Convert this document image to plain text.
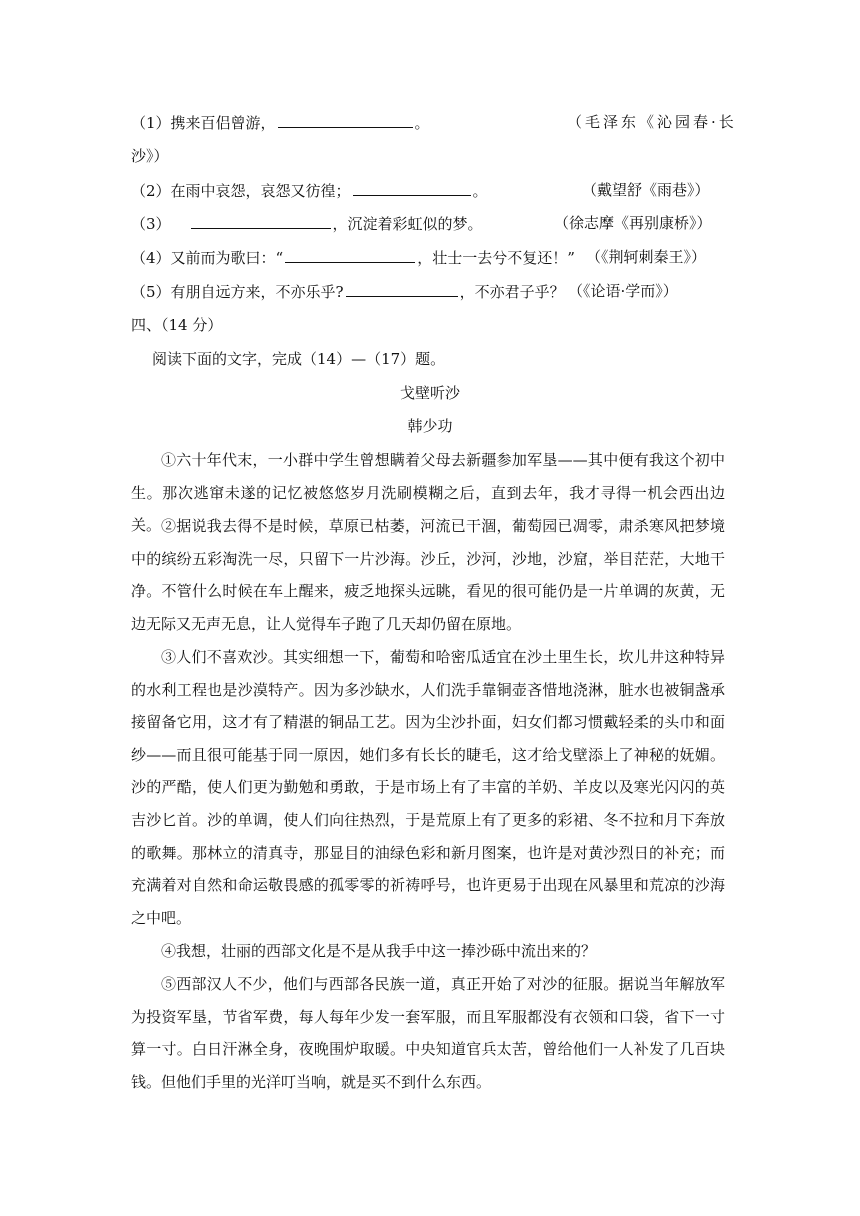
（1）携来百侣曾游，	。	（毛泽东《沁园春·长
沙》）
（2）在雨中哀怨，哀怨又彷徨；	。	（戴望舒《雨巷》）
（3）	，沉淀着彩虹似的梦。	（徐志摩《再别康桥》）
（4）又前而为歌曰：“	，壮士一去兮不复还！” （《荆轲刺秦王》）
（5）有朋自远方来，不亦乐乎?	，不亦君子乎？ （《论语·学而》）
四、（14 分）
阅读下面的文字，完成（14）—（17）题。
戈壁听沙
韩少功

①六十年代末，一小群中学生曾想瞒着父母去新疆参加军垦——其中便有我这个初中生。那次逃窜未遂的记忆被悠悠岁月洗刷模糊之后，直到去年，我才寻得一机会西出边关。 ②据说我去得不是时候，草原已枯萎，河流已干涸，葡萄园已凋零，肃杀寒风把梦境中的缤纷五彩淘洗一尽，只留下一片沙海。沙丘，沙河，沙地，沙窟，举目茫茫，大地干净。不管什么时候在车上醒来，疲乏地探头远眺，看见的很可能仍是一片单调的灰黄，无边无际又无声无息，让人觉得车子跑了几天却仍留在原地。

③人们不喜欢沙。其实细想一下，葡萄和哈密瓜适宜在沙土里生长，坎儿井这种特异的水利工程也是沙漠特产。因为多沙缺水，人们洗手靠铜壶吝惜地浇淋，脏水也被铜盏承接留备它用，这才有了精湛的铜品工艺。因为尘沙扑面，妇女们都习惯戴轻柔的头巾和面纱——而且很可能基于同一原因，她们多有长长的睫毛，这才给戈壁添上了神秘的妩媚。沙的严酷，使人们更为勤勉和勇敢，于是市场上有了丰富的羊奶、羊皮以及寒光闪闪的英吉沙匕首。沙的单调，使人们向往热烈，于是荒原上有了更多的彩裙、冬不拉和月下奔放的歌舞。那林立的清真寺，那显目的油绿色彩和新月图案，也许是对黄沙烈日的补充；而充满着对自然和命运敬畏感的孤零零的祈祷呼号，也许更易于出现在风暴里和荒凉的沙海之中吧。

④我想，壮丽的西部文化是不是从我手中这一捧沙砾中流出来的？

⑤西部汉人不少，他们与西部各民族一道，真正开始了对沙的征服。据说当年解放军为投资军垦，节省军费，每人每年少发一套军服，而且军服都没有衣领和口袋，省下一寸算一寸。白日汗淋全身，夜晚围炉取暖。中央知道官兵太苦，曾给他们一人补发了几百块钱。但他们手里的光洋叮当响，就是买不到什么东西。
